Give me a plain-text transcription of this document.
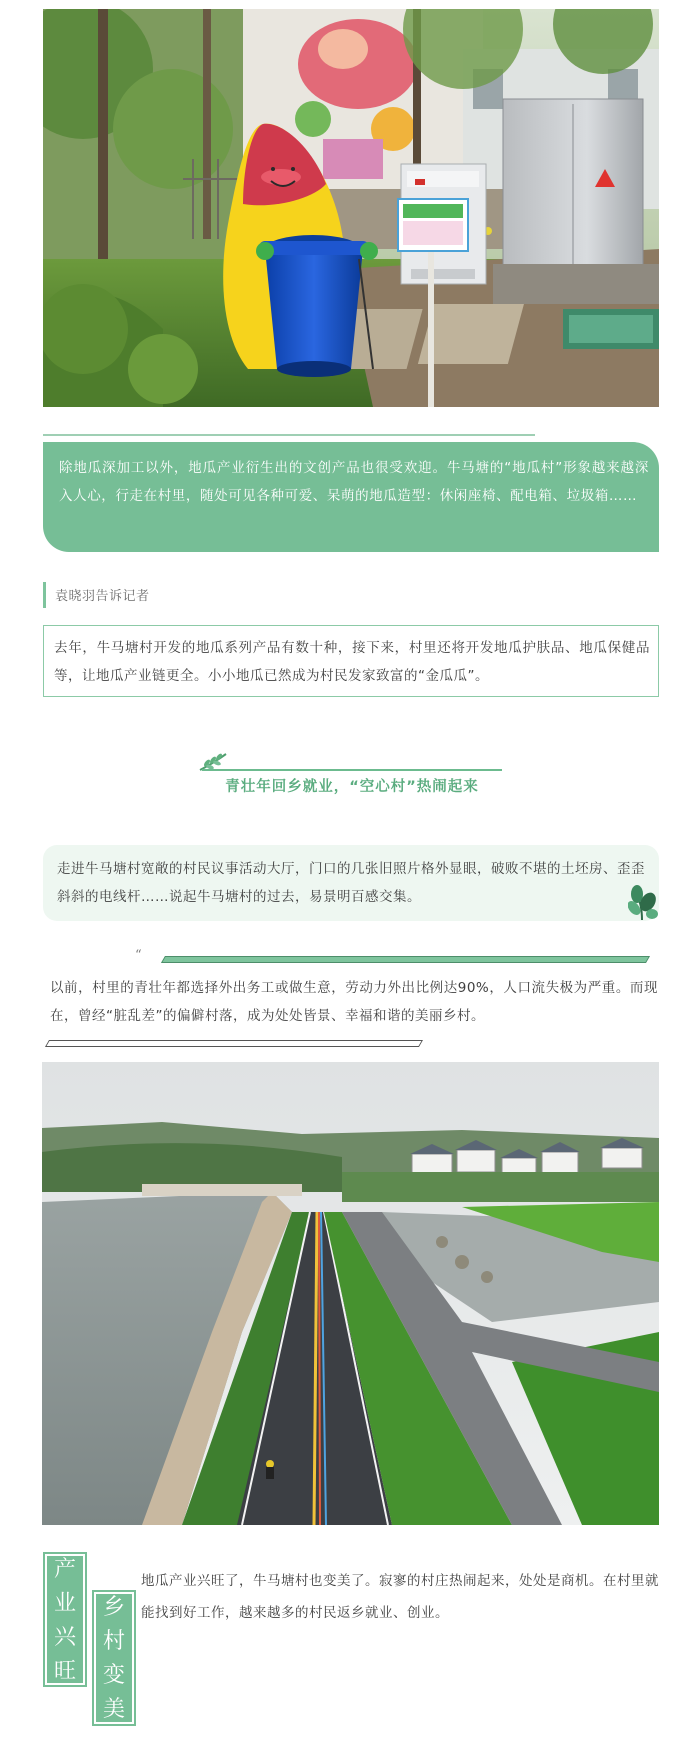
除地瓜深加工以外，地瓜产业衍生出的文创产品也很受欢迎。牛马塘的“地瓜村”形象越来越深入人心，行走在村里，随处可见各种可爱、呆萌的地瓜造型：休闲座椅、配电箱、垃圾箱……

袁晓羽告诉记者

去年，牛马塘村开发的地瓜系列产品有数十种，接下来，村里还将开发地瓜护肤品、地瓜保健品等，让地瓜产业链更全。小小地瓜已然成为村民发家致富的“金瓜瓜”。

青壮年回乡就业，“空心村”热闹起来

走进牛马塘村宽敞的村民议事活动大厅，门口的几张旧照片格外显眼，破败不堪的土坯房、歪歪斜斜的电线杆……说起牛马塘村的过去，易景明百感交集。

“
以前，村里的青壮年都选择外出务工或做生意，劳动力外出比例达90%，人口流失极为严重。而现在，曾经“脏乱差”的偏僻村落，成为处处皆景、幸福和谐的美丽乡村。
产
业
兴
旺
乡
村
变
美
地瓜产业兴旺了，牛马塘村也变美了。寂寥的村庄热闹起来，处处是商机。在村里就能找到好工作，越来越多的村民返乡就业、创业。
